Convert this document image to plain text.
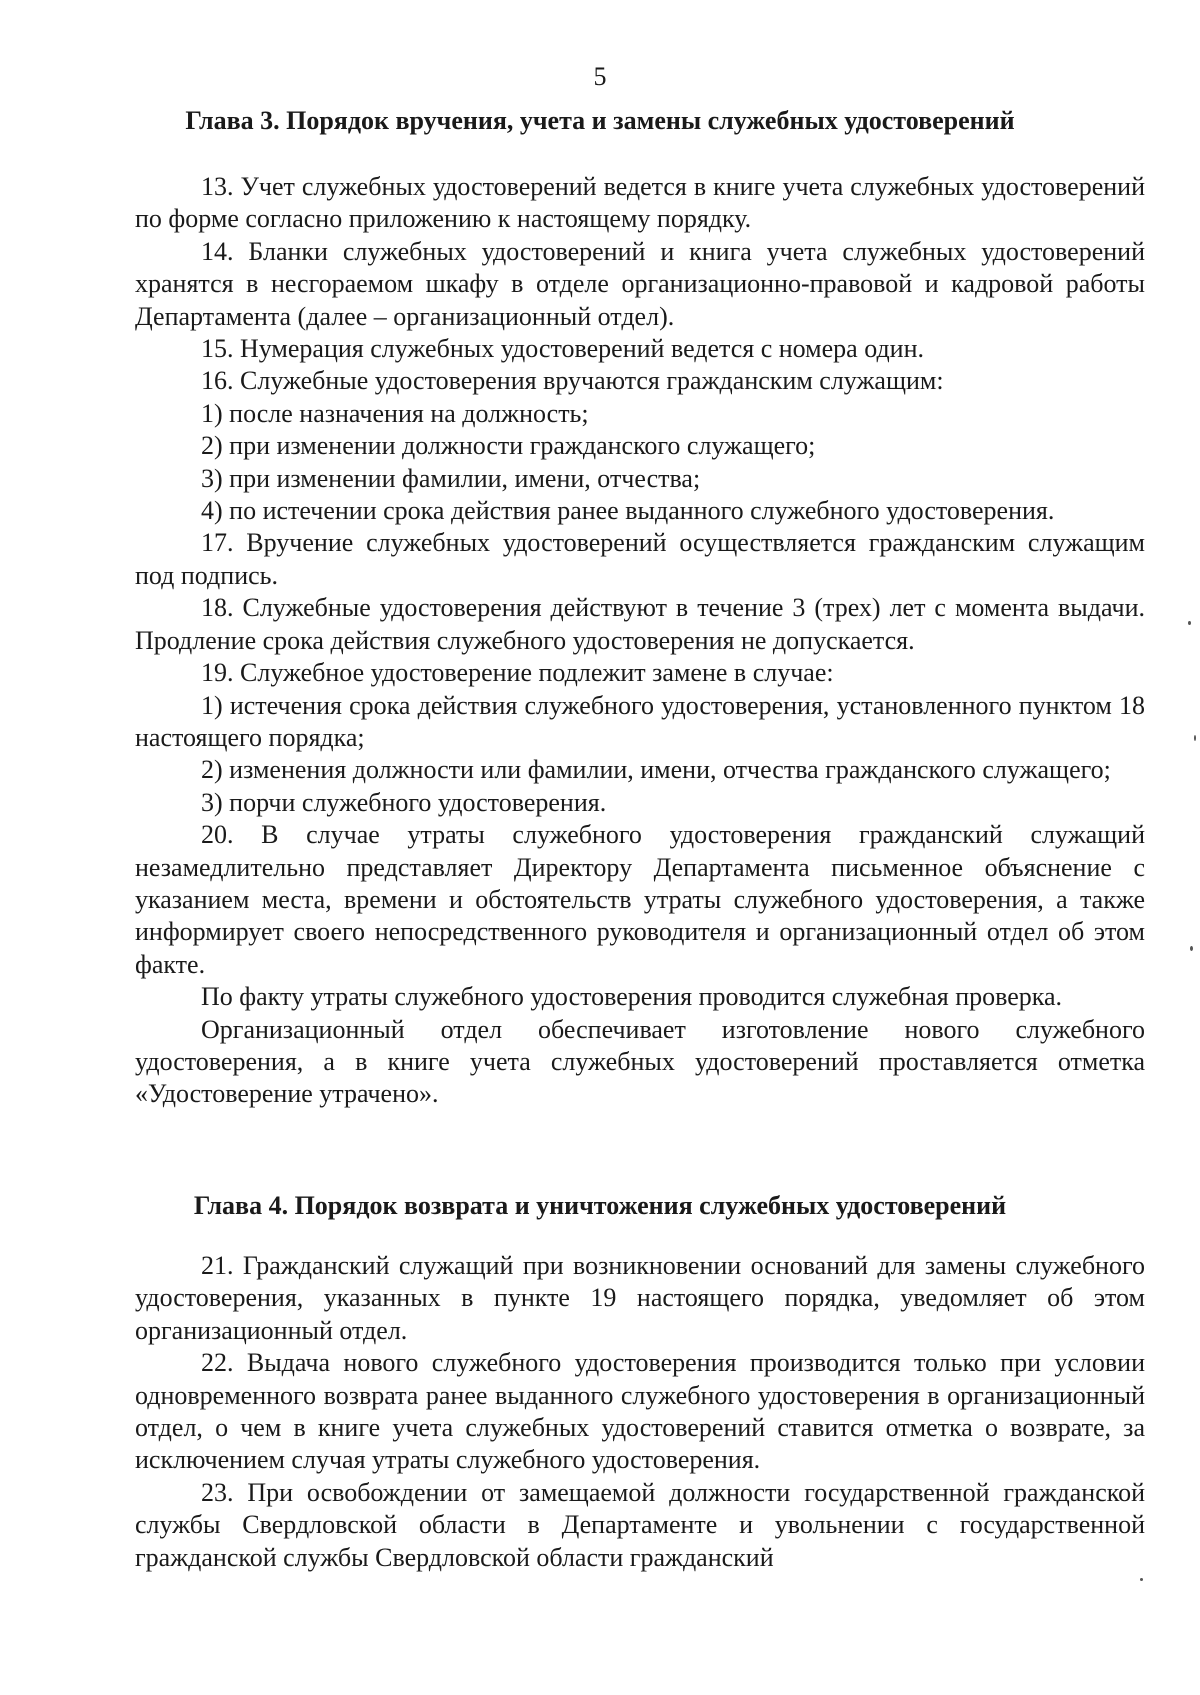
5
Глава 3. Порядок вручения, учета и замены служебных удостоверений

13. Учет служебных удостоверений ведется в книге учета служебных удостоверений по форме согласно приложению к настоящему порядку.

14. Бланки служебных удостоверений и книга учета служебных удостоверений хранятся в несгораемом шкафу в отделе организационно-правовой и кадровой работы Департамента (далее – организационный отдел).

15. Нумерация служебных удостоверений ведется с номера один.

16. Служебные удостоверения вручаются гражданским служащим:

1) после назначения на должность;

2) при изменении должности гражданского служащего;

3) при изменении фамилии, имени, отчества;

4) по истечении срока действия ранее выданного служебного удостоверения.

17. Вручение служебных удостоверений осуществляется гражданским служащим под подпись.

18. Служебные удостоверения действуют в течение 3 (трех) лет с момента выдачи. Продление срока действия служебного удостоверения не допускается.

19. Служебное удостоверение подлежит замене в случае:

1) истечения срока действия служебного удостоверения, установленного пунктом 18 настоящего порядка;

2) изменения должности или фамилии, имени, отчества гражданского служащего;

3) порчи служебного удостоверения.

20. В случае утраты служебного удостоверения гражданский служащий незамедлительно представляет Директору Департамента письменное объяснение с указанием места, времени и обстоятельств утраты служебного удостоверения, а также информирует своего непосредственного руководителя и организационный отдел об этом факте.

По факту утраты служебного удостоверения проводится служебная проверка.

Организационный отдел обеспечивает изготовление нового служебного удостоверения, а в книге учета служебных удостоверений проставляется отметка «Удостоверение утрачено».

Глава 4. Порядок возврата и уничтожения служебных удостоверений

21. Гражданский служащий при возникновении оснований для замены служебного удостоверения, указанных в пункте 19 настоящего порядка, уведомляет об этом организационный отдел.

22. Выдача нового служебного удостоверения производится только при условии одновременного возврата ранее выданного служебного удостоверения в организационный отдел, о чем в книге учета служебных удостоверений ставится отметка о возврате, за исключением случая утраты служебного удостоверения.

23. При освобождении от замещаемой должности государственной гражданской службы Свердловской области в Департаменте и увольнении с государственной гражданской службы Свердловской области гражданский
